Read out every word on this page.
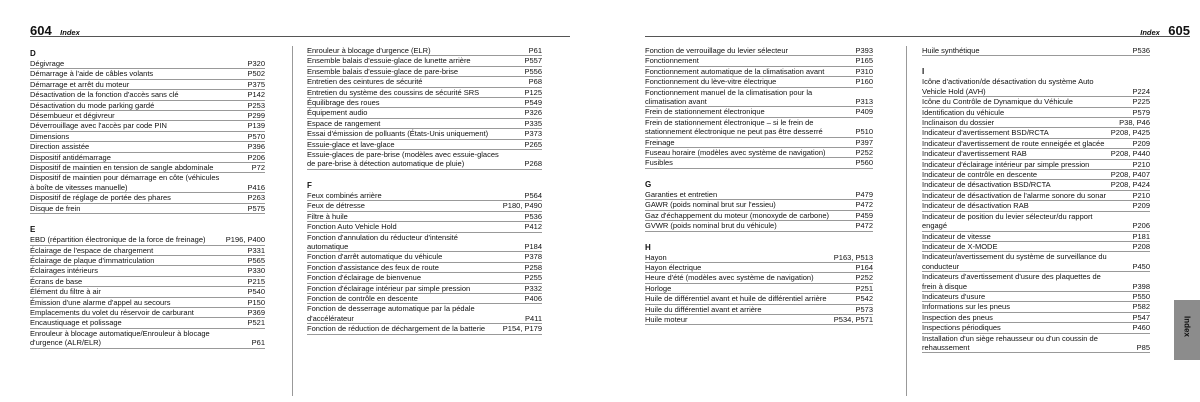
604 Index
D
Dégivrage	P320
Démarrage à l'aide de câbles volants	P502
Démarrage et arrêt du moteur	P375
Désactivation de la fonction d'accès sans clé	P142
Désactivation du mode parking gardé	P253
Désembueur et dégivreur	P299
Déverrouillage avec l'accès par code PIN	P139
Dimensions	P570
Direction assistée	P396
Dispositif antidémarrage	P206
Dispositif de maintien en tension de sangle abdominale	P72
Dispositif de maintien pour démarrage en côte (véhicules à boîte de vitesses manuelle)	P416
Dispositif de réglage de portée des phares	P263
Disque de frein	P575
E
EBD (répartition électronique de la force de freinage)	P196, P400
Éclairage de l'espace de chargement	P331
Éclairage de plaque d'immatriculation	P565
Éclairages intérieurs	P330
Écrans de base	P215
Élément du filtre à air	P540
Émission d'une alarme d'appel au secours	P150
Emplacements du volet du réservoir de carburant	P369
Encaustiquage et polissage	P521
Enrouleur à blocage automatique/Enrouleur à blocage d'urgence (ALR/ELR)	P61
Enrouleur à blocage d'urgence (ELR)	P61
Ensemble balais d'essuie-glace de lunette arrière	P557
Ensemble balais d'essuie-glace de pare-brise	P556
Entretien des ceintures de sécurité	P68
Entretien du système des coussins de sécurité SRS	P125
Équilibrage des roues	P549
Équipement audio	P326
Espace de rangement	P335
Essai d'émission de polluants (États-Unis uniquement)	P373
Essuie-glace et lave-glace	P265
Essuie-glaces de pare-brise (modèles avec essuie-glaces de pare-brise à détection automatique de pluie)	P268
F
Feux combinés arrière	P564
Feux de détresse	P180, P490
Filtre à huile	P536
Fonction Auto Vehicle Hold	P412
Fonction d'annulation du réducteur d'intensité automatique	P184
Fonction d'arrêt automatique du véhicule	P378
Fonction d'assistance des feux de route	P258
Fonction d'éclairage de bienvenue	P255
Fonction d'éclairage intérieur par simple pression	P332
Fonction de contrôle en descente	P406
Fonction de desserrage automatique par la pédale d'accélérateur	P411
Fonction de réduction de déchargement de la batterie P154, P179
Index 605
Fonction de verrouillage du levier sélecteur	P393
Fonctionnement	P165
Fonctionnement automatique de la climatisation avant	P310
Fonctionnement du lève-vitre électrique	P160
Fonctionnement manuel de la climatisation pour la climatisation avant	P313
Frein de stationnement électronique	P409
Frein de stationnement électronique – si le frein de stationnement électronique ne peut pas être desserré	P510
Freinage	P397
Fuseau horaire (modèles avec système de navigation)	P252
Fusibles	P560
G
Garanties et entretien	P479
GAWR (poids nominal brut sur l'essieu)	P472
Gaz d'échappement du moteur (monoxyde de carbone)	P459
GVWR (poids nominal brut du véhicule)	P472
H
Hayon	P163, P513
Hayon électrique	P164
Heure d'été (modèles avec système de navigation)	P252
Horloge	P251
Huile de différentiel avant et huile de différentiel arrière	P542
Huile du différentiel avant et arrière	P573
Huile moteur	P534, P571
Huile synthétique	P536
I
Icône d'activation/de désactivation du système Auto Vehicle Hold (AVH)	P224
Icône du Contrôle de Dynamique du Véhicule	P225
Identification du véhicule	P579
Inclinaison du dossier	P38, P46
Indicateur d'avertissement BSD/RCTA	P208, P425
Indicateur d'avertissement de route enneigée et glacée	P209
Indicateur d'avertissement RAB	P208, P440
Indicateur d'éclairage intérieur par simple pression	P210
Indicateur de contrôle en descente	P208, P407
Indicateur de désactivation BSD/RCTA	P208, P424
Indicateur de désactivation de l'alarme sonore du sonar	P210
Indicateur de désactivation RAB	P209
Indicateur de position du levier sélecteur/du rapport engagé	P206
Indicateur de vitesse	P181
Indicateur de X-MODE	P208
Indicateur/avertissement du système de surveillance du conducteur	P450
Indicateurs d'avertissement d'usure des plaquettes de frein à disque	P398
Indicateurs d'usure	P550
Informations sur les pneus	P582
Inspection des pneus	P547
Inspections périodiques	P460
Installation d'un siège rehausseur ou d'un coussin de rehaussement	P85
Index
